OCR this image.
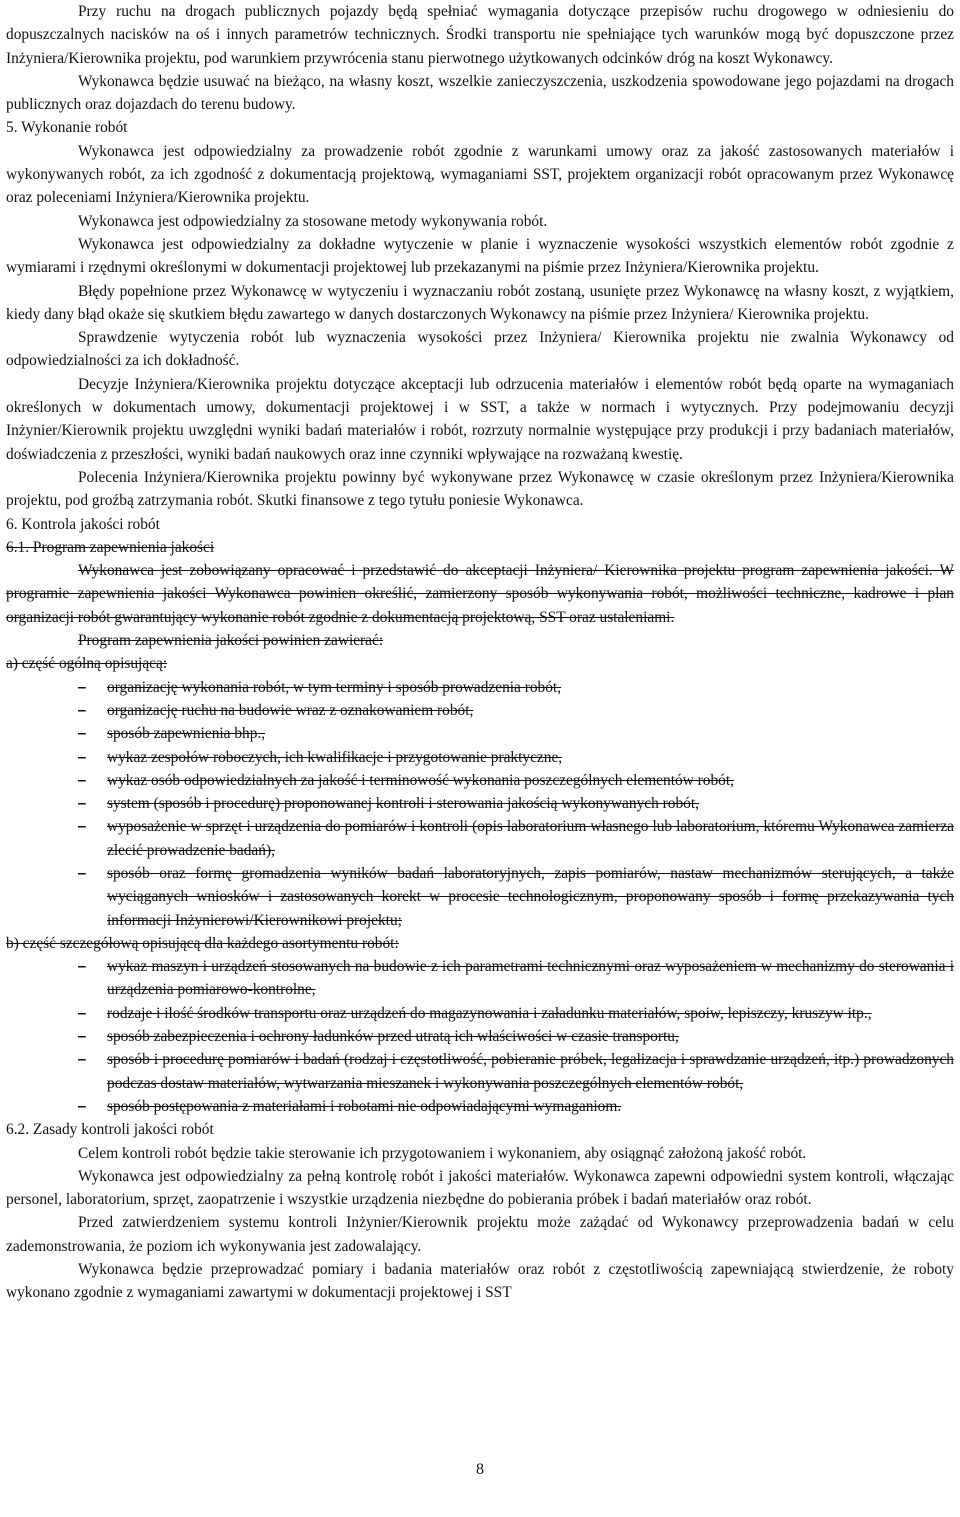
Przy ruchu na drogach publicznych pojazdy będą spełniać wymagania dotyczące przepisów ruchu drogowego w odniesieniu do dopuszczalnych nacisków na oś i innych parametrów technicznych. Środki transportu nie spełniające tych warunków mogą być dopuszczone przez Inżyniera/Kierownika projektu, pod warunkiem przywrócenia stanu pierwotnego użytkowanych odcinków dróg na koszt Wykonawcy.

Wykonawca będzie usuwać na bieżąco, na własny koszt, wszelkie zanieczyszczenia, uszkodzenia spowodowane jego pojazdami na drogach publicznych oraz dojazdach do terenu budowy.

5. Wykonanie robót

Wykonawca jest odpowiedzialny za prowadzenie robót zgodnie z warunkami umowy oraz za jakość zastosowanych materiałów i wykonywanych robót, za ich zgodność z dokumentacją projektową, wymaganiami SST, projektem organizacji robót opracowanym przez Wykonawcę oraz poleceniami Inżyniera/Kierownika projektu.

Wykonawca jest odpowiedzialny za stosowane metody wykonywania robót.

Wykonawca jest odpowiedzialny za dokładne wytyczenie w planie i wyznaczenie wysokości wszystkich elementów robót zgodnie z wymiarami i rzędnymi określonymi w dokumentacji projektowej lub przekazanymi na piśmie przez Inżyniera/Kierownika projektu.

Błędy popełnione przez Wykonawcę w wytyczeniu i wyznaczaniu robót zostaną, usunięte przez Wykonawcę na własny koszt, z wyjątkiem, kiedy dany błąd okaże się skutkiem błędu zawartego w danych dostarczonych Wykonawcy na piśmie przez Inżyniera/ Kierownika projektu.

Sprawdzenie wytyczenia robót lub wyznaczenia wysokości przez Inżyniera/ Kierownika projektu nie zwalnia Wykonawcy od odpowiedzialności za ich dokładność.

Decyzje Inżyniera/Kierownika projektu dotyczące akceptacji lub odrzucenia materiałów i elementów robót będą oparte na wymaganiach określonych w dokumentach umowy, dokumentacji projektowej i w SST, a także w normach i wytycznych. Przy podejmowaniu decyzji Inżynier/Kierownik projektu uwzględni wyniki badań materiałów i robót, rozrzuty normalnie występujące przy produkcji i przy badaniach materiałów, doświadczenia z przeszłości, wyniki badań naukowych oraz inne czynniki wpływające na rozważaną kwestię.

Polecenia Inżyniera/Kierownika projektu powinny być wykonywane przez Wykonawcę w czasie określonym przez Inżyniera/Kierownika projektu, pod groźbą zatrzymania robót. Skutki finansowe z tego tytułu poniesie Wykonawca.

6. Kontrola jakości robót

6.1. Program zapewnienia jakości

Wykonawca jest zobowiązany opracować i przedstawić do akceptacji Inżyniera/ Kierownika projektu program zapewnienia jakości. W programie zapewnienia jakości Wykonawca powinien określić, zamierzony sposób wykonywania robót, możliwości techniczne, kadrowe i plan organizacji robót gwarantujący wykonanie robót zgodnie z dokumentacją projektową, SST oraz ustaleniami.

Program zapewnienia jakości powinien zawierać:

a) część ogólną opisującą:

– organizację wykonania robót, w tym terminy i sposób prowadzenia robót,
– organizację ruchu na budowie wraz z oznakowaniem robót,
– sposób zapewnienia bhp.,
– wykaz zespołów roboczych, ich kwalifikacje i przygotowanie praktyczne,
– wykaz osób odpowiedzialnych za jakość i terminowość wykonania poszczególnych elementów robót,
– system (sposób i procedurę) proponowanej kontroli i sterowania jakością wykonywanych robót,
– wyposażenie w sprzęt i urządzenia do pomiarów i kontroli (opis laboratorium własnego lub laboratorium, któremu Wykonawca zamierza zlecić prowadzenie badań),
– sposób oraz formę gromadzenia wyników badań laboratoryjnych, zapis pomiarów, nastaw mechanizmów sterujących, a także wyciąganych wniosków i zastosowanych korekt w procesie technologicznym, proponowany sposób i formę przekazywania tych informacji Inżynierowi/Kierownikowi projektu;

b) część szczegółową opisującą dla każdego asortymentu robót:

– wykaz maszyn i urządzeń stosowanych na budowie z ich parametrami technicznymi oraz wyposażeniem w mechanizmy do sterowania i urządzenia pomiarowo-kontrolne,
– rodzaje i ilość środków transportu oraz urządzeń do magazynowania i załadunku materiałów, spoiw, lepiszczy, kruszyw itp.,
– sposób zabezpieczenia i ochrony ładunków przed utratą ich właściwości w czasie transportu,
– sposób i procedurę pomiarów i badań (rodzaj i częstotliwość, pobieranie próbek, legalizacja i sprawdzanie urządzeń, itp.) prowadzonych podczas dostaw materiałów, wytwarzania mieszanek i wykonywania poszczególnych elementów robót,
– sposób postępowania z materiałami i robotami nie odpowiadającymi wymaganiom.

6.2. Zasady kontroli jakości robót

Celem kontroli robót będzie takie sterowanie ich przygotowaniem i wykonaniem, aby osiągnąć założoną jakość robót.

Wykonawca jest odpowiedzialny za pełną kontrolę robót i jakości materiałów. Wykonawca zapewni odpowiedni system kontroli, włączając personel, laboratorium, sprzęt, zaopatrzenie i wszystkie urządzenia niezbędne do pobierania próbek i badań materiałów oraz robót.

Przed zatwierdzeniem systemu kontroli Inżynier/Kierownik projektu może zażądać od Wykonawcy przeprowadzenia badań w celu zademonstrowania, że poziom ich wykonywania jest zadowalający.

Wykonawca będzie przeprowadzać pomiary i badania materiałów oraz robót z częstotliwością zapewniającą stwierdzenie, że roboty wykonano zgodnie z wymaganiami zawartymi w dokumentacji projektowej i SST

8
